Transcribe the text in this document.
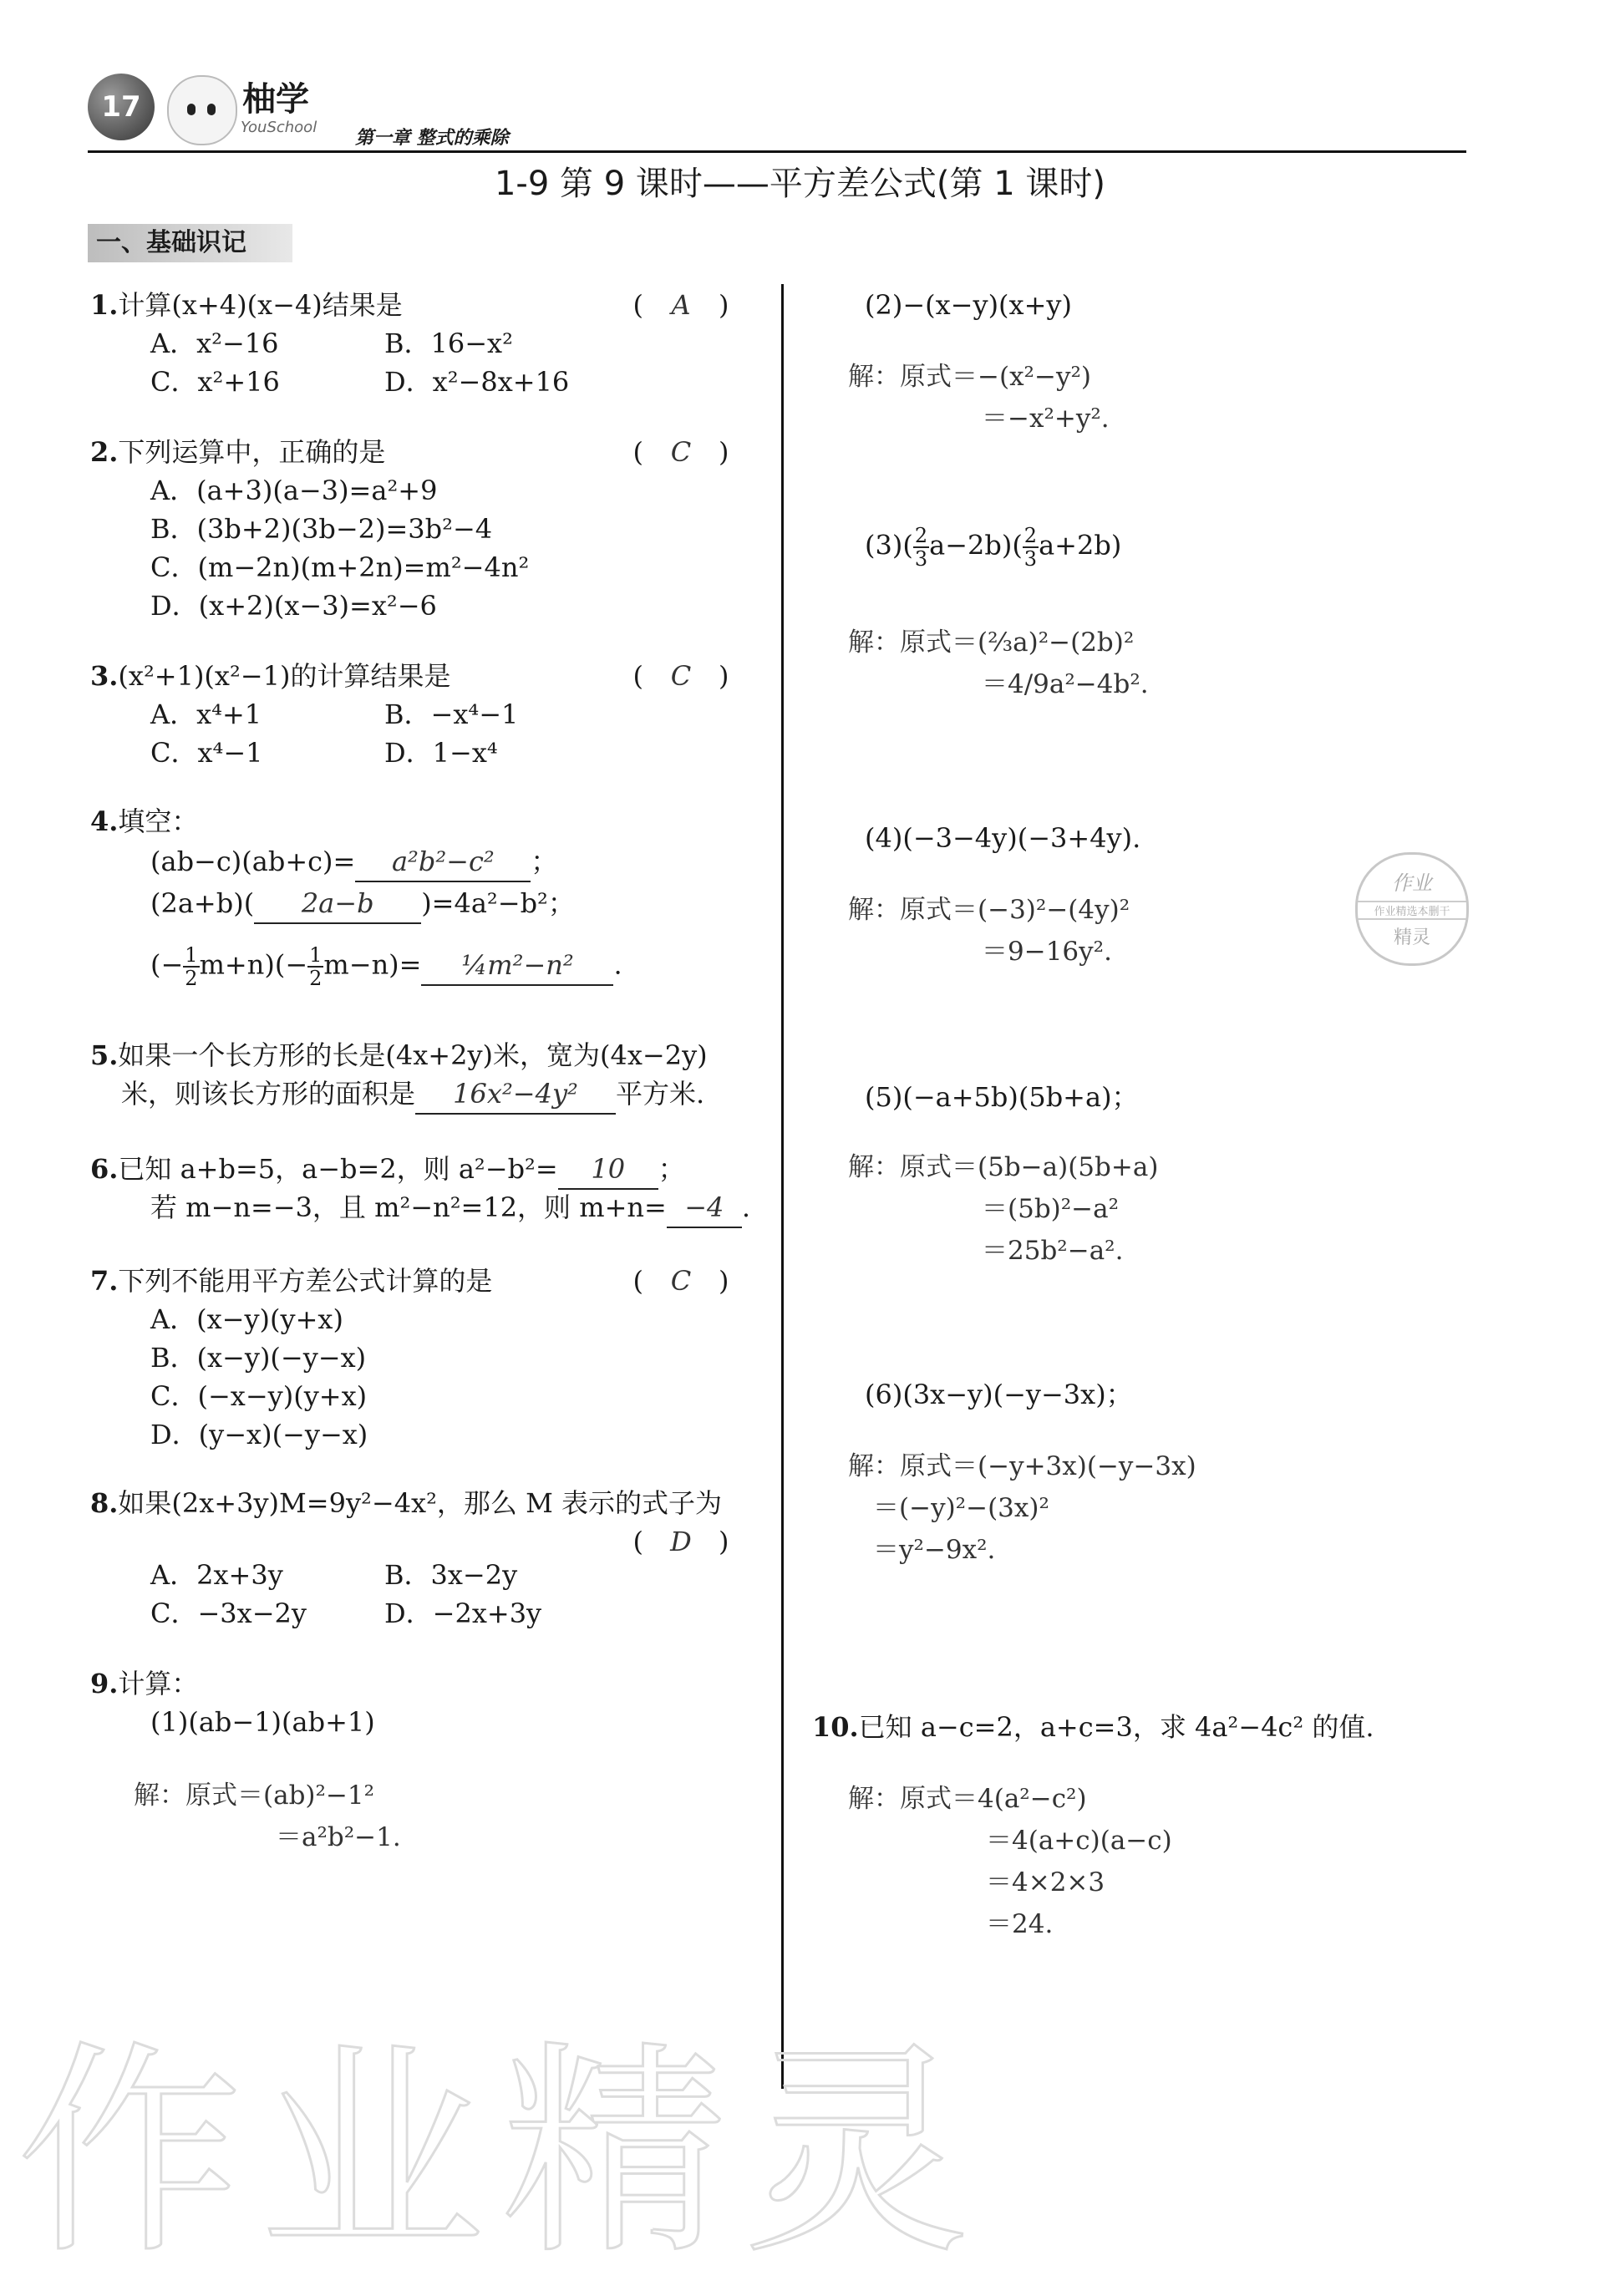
17	柚学
YouSchool
第一章 整式的乘除
1-9 第 9 课时——平方差公式(第 1 课时)
一、基础识记
1.计算(x+4)(x−4)结果是	( A )
A．x²−16	B．16−x²
C．x²+16	D．x²−8x+16
2.下列运算中，正确的是	( C )
A．(a+3)(a−3)=a²+9
B．(3b+2)(3b−2)=3b²−4
C．(m−2n)(m+2n)=m²−4n²
D．(x+2)(x−3)=x²−6
3.(x²+1)(x²−1)的计算结果是	( C )
A．x⁴+1	B．−x⁴−1
C．x⁴−1	D．1−x⁴
4.填空：
(ab−c)(ab+c)= a²b²−c² ；
(2a+b)( 2a−b )=4a²−b²；
(− $\frac{1}{2} m+n)(- \frac{1}{2} m-n)=$ ¼m²−n² .
5.如果一个长方形的长是(4x+2y)米，宽为(4x−2y)
米，则该长方形的面积是 16x²−4y² 平方米.
6.已知 a+b=5，a−b=2，则 a²−b²= 10 ；
若 m−n=−3，且 m²−n²=12，则 m+n= −4 .
7.下列不能用平方差公式计算的是	( C )
A．(x−y)(y+x)
B．(x−y)(−y−x)
C．(−x−y)(y+x)
D．(y−x)(−y−x)
8.如果(2x+3y)M=9y²−4x²，那么 M 表示的式子为
( D )
A．2x+3y	B．3x−2y
C．−3x−2y	D．−2x+3y
9.计算：
(1)(ab−1)(ab+1)
解：原式＝(ab)²−1²
＝a²b²−1.
(2)−(x−y)(x+y)
解：原式＝−(x²−y²)
＝−x²+y².
$(3)( \frac{2}{3} a-2b)( \frac{2}{3} a+2b)$
解：原式＝(⅔a)²−(2b)²
＝4/9a²−4b².
(4)(−3−4y)(−3+4y).
解：原式＝(−3)²−(4y)²
＝9−16y².
作业
作业精选本删干
精灵
(5)(−a+5b)(5b+a)；
解：原式＝(5b−a)(5b+a)
＝(5b)²−a²
＝25b²−a².
(6)(3x−y)(−y−3x)；
解：原式＝(−y+3x)(−y−3x)
＝(−y)²−(3x)²
＝y²−9x².
10.已知 a−c=2，a+c=3，求 4a²−4c² 的值.
解：原式＝4(a²−c²)
＝4(a+c)(a−c)
＝4×2×3
＝24.
作业精灵
